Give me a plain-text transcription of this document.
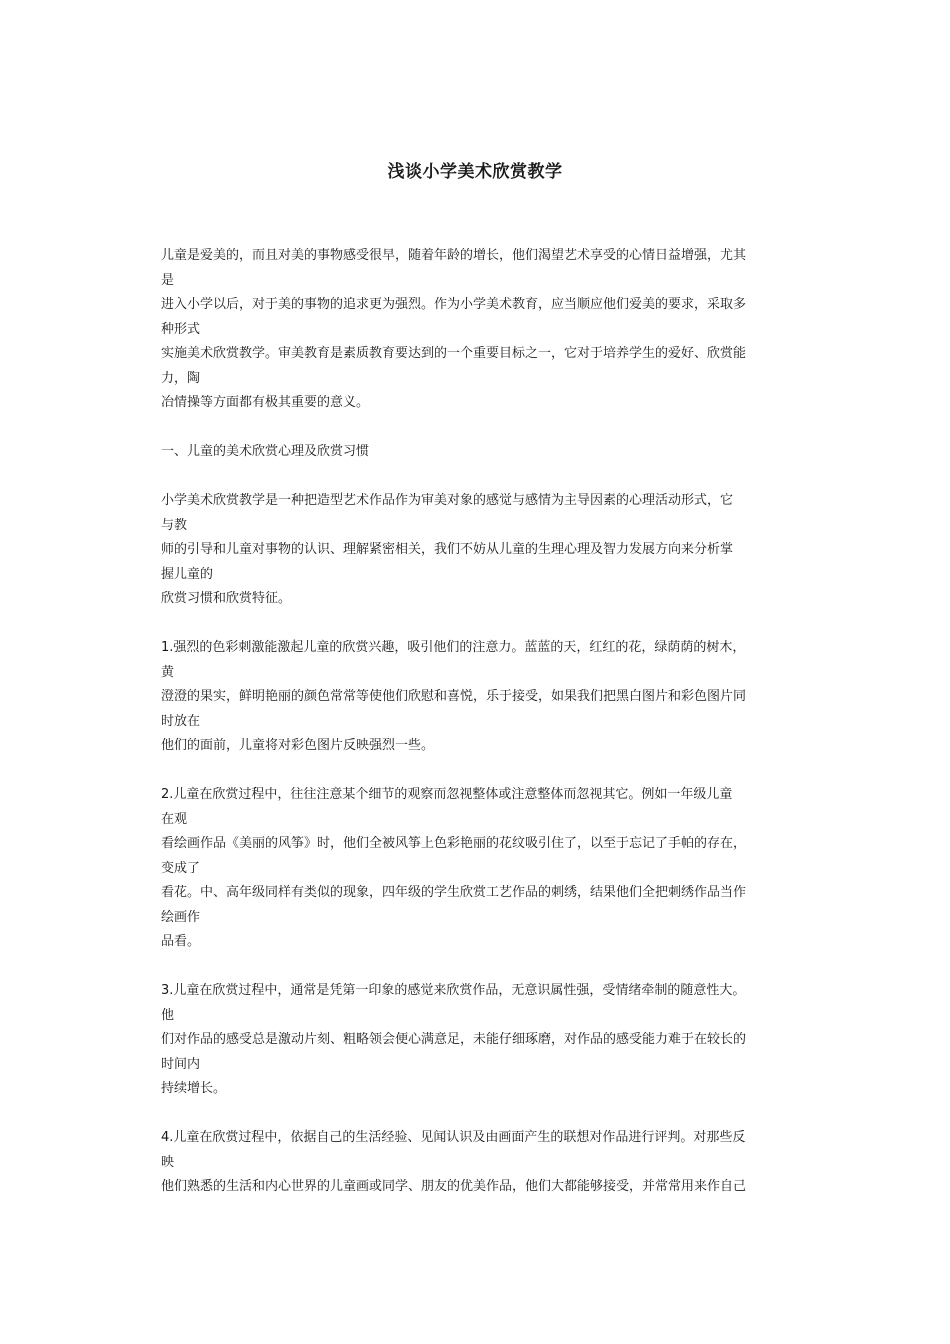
浅谈小学美术欣赏教学
儿童是爱美的，而且对美的事物感受很早，随着年龄的增长，他们渴望艺术享受的心情日益增强，尤其
是
进入小学以后，对于美的事物的追求更为强烈。作为小学美术教育，应当顺应他们爱美的要求，采取多
种形式
实施美术欣赏教学。审美教育是素质教育要达到的一个重要目标之一，它对于培养学生的爱好、欣赏能
力，陶
冶情操等方面都有极其重要的意义。
一、儿童的美术欣赏心理及欣赏习惯
小学美术欣赏教学是一种把造型艺术作品作为审美对象的感觉与感情为主导因素的心理活动形式，它
与教
师的引导和儿童对事物的认识、理解紧密相关，我们不妨从儿童的生理心理及智力发展方向来分析掌
握儿童的
欣赏习惯和欣赏特征。
1.强烈的色彩刺激能激起儿童的欣赏兴趣，吸引他们的注意力。蓝蓝的天，红红的花，绿荫荫的树木，
黄
澄澄的果实，鲜明艳丽的颜色常常等使他们欣慰和喜悦，乐于接受，如果我们把黑白图片和彩色图片同
时放在
他们的面前，儿童将对彩色图片反映强烈一些。
2.儿童在欣赏过程中，往往注意某个细节的观察而忽视整体或注意整体而忽视其它。例如一年级儿童
在观
看绘画作品《美丽的风筝》时，他们全被风筝上色彩艳丽的花纹吸引住了，以至于忘记了手帕的存在，
变成了
看花。中、高年级同样有类似的现象，四年级的学生欣赏工艺作品的刺绣，结果他们全把刺绣作品当作
绘画作
品看。
3.儿童在欣赏过程中，通常是凭第一印象的感觉来欣赏作品，无意识属性强，受情绪牵制的随意性大。
他
们对作品的感受总是激动片刻、粗略领会便心满意足，未能仔细琢磨，对作品的感受能力难于在较长的
时间内
持续增长。
4.儿童在欣赏过程中，依据自己的生活经验、见闻认识及由画面产生的联想对作品进行评判。对那些反
映
他们熟悉的生活和内心世界的儿童画或同学、朋友的优美作品，他们大都能够接受，并常常用来作自己
